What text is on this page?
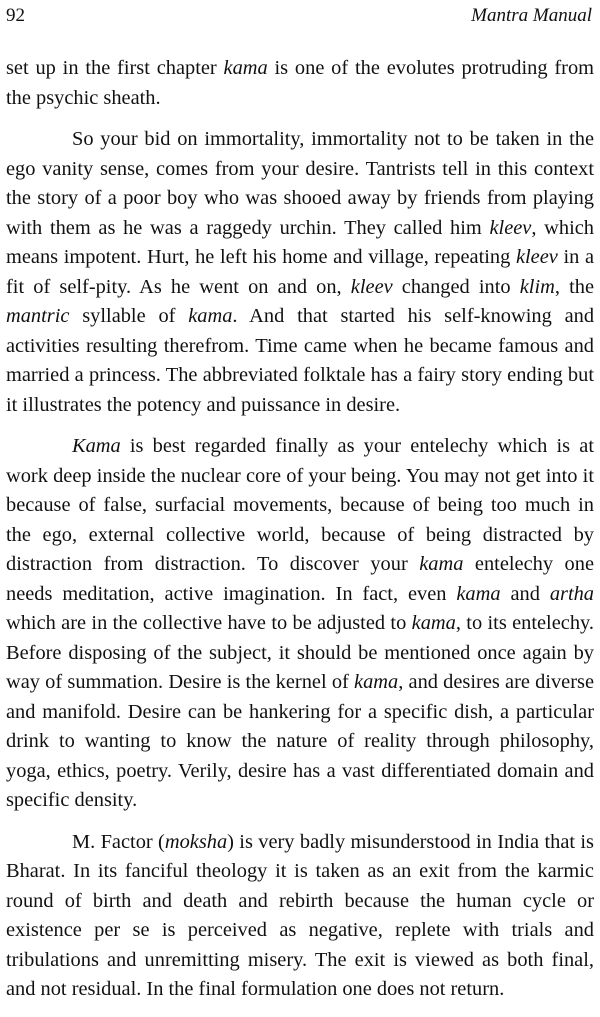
92	Mantra Manual

set up in the first chapter kama is one of the evolutes protruding from the psychic sheath.

So your bid on immortality, immortality not to be taken in the ego vanity sense, comes from your desire. Tantrists tell in this context the story of a poor boy who was shooed away by friends from playing with them as he was a raggedy urchin. They called him kleev, which means impotent. Hurt, he left his home and village, repeating kleev in a fit of self-pity. As he went on and on, kleev changed into klim, the mantric syllable of kama. And that started his self-knowing and activities resulting therefrom. Time came when he became famous and married a princess. The abbreviated folktale has a fairy story ending but it illustrates the potency and puissance in desire.

Kama is best regarded finally as your entelechy which is at work deep inside the nuclear core of your being. You may not get into it because of false, surfacial movements, because of being too much in the ego, external collective world, because of being distracted by distraction from distraction. To discover your kama entelechy one needs meditation, active imagination. In fact, even kama and artha which are in the collective have to be adjusted to kama, to its entelechy. Before disposing of the subject, it should be mentioned once again by way of summation. Desire is the kernel of kama, and desires are diverse and manifold. Desire can be hankering for a specific dish, a particular drink to wanting to know the nature of reality through philosophy, yoga, ethics, poetry. Verily, desire has a vast differentiated domain and specific density.

M. Factor (moksha) is very badly misunderstood in India that is Bharat. In its fanciful theology it is taken as an exit from the karmic round of birth and death and rebirth because the human cycle or existence per se is perceived as negative, replete with trials and tribulations and unremitting misery. The exit is viewed as both final, and not residual. In the final formulation one does not return.
